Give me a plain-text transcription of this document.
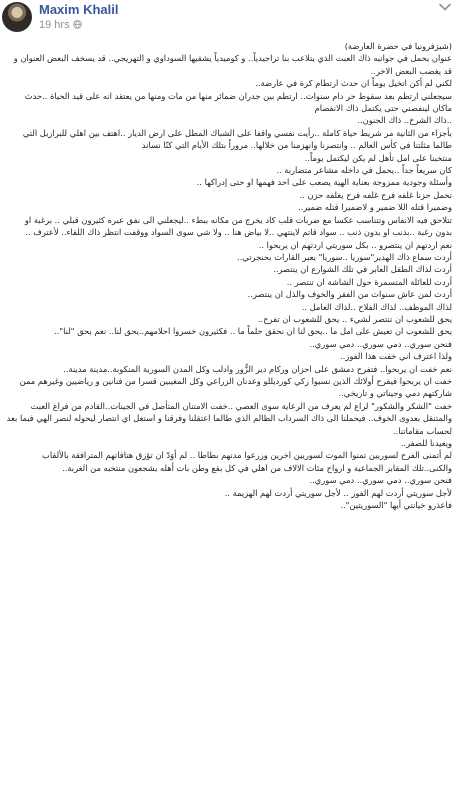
Maxim Khalil
19 hrs

(شيزفرونيا في حضرة العارضة)

عنوان يحمل في جوانبه ذاك العبث الذي يتلاعب بنا تراجيدياً.. و كوميدياً يشقيها السوداوي و التهريجي.. قد يسخف البعض العنوان و قد يغضب البعض الاخر..

لكني لم أكن اتخيل يوماً ان حدث ارتطام كرة في عارضة..

سيجعلني ارتطم بعد سقوط حر دام سنوات.. ارتطم بين جدران ضمائر منها من مات ومنها من يعتقد انه على قيد الحياة ..حدث ماكان لينفصني حتى يكتمل ذاك الانفصام

..ذاك الشرخ.. ذاك الجنون..

بأجزاء من الثانية مر شريط حياة كاملة ..رأيت نفسي واقفا على الشباك المطل على ارض الديار ..اهتف بين اهلي للبرازيل التي طالما مثلتنا في كأس العالم .. وانتصرنا وانهزمنا من خلالها.. مروراً بتلك الأيام التي كنّا نساند

منتخبنا على امل تأهل لم يكن ليكتمل يوماً..

كان سريعاً جداً ..يحمل في داخله مشاعر متضاربة ..

وأسئلة وجودية ممزوجة بعناية الهية يصعب على احد فهمها او حتى إدراكها ..

تحمل حزنا غلفه فرح غلفه فرح يغلفه حزن ..

وضميرا قتله اللا ضمير و لاضميرا قتله ضمير..

تتلاحق فيه الانفاس وتتناسب عكسا مع ضربات قلب كاد يخرج من مكانه ببطء ..ليجعلني الى نفق عبره كثيرون قبلي .. برغبة او بدون رغبة ..بذنب او بدون ذنب .. سواد قاتم لاينتهي ..لا بياض هنا .. ولا شي سوى السواد ووقفت انتظر ذاك اللقاء.. لأعترف ..

نعم اردتهم ان ينتصرو .. بكل سوريتي اردتهم ان يربحوا ..

أردت سماع ذاك الهدير"سوريا ..سوريا" يعبر القارات بحنجرتي..

أردت لذاك الطفل العابر في تلك الشوارع ان ينتصر..

أردت للعائلة المتسمرة حول الشاشة ان تنتصر ..

أردت لمن عاش سنوات من الفقر والخوف والذل ان ينتصر..

لذاك الموظف.. لذاك الفلاح ..لذاك العامل ..

يحق للشعوب ان تنتصر لشيء .. يحق للشعوب ان تفرح..

يحق للشعوب ان تعيش على امل ما ..يحق لنا ان نحقق حلماً ما .. فكثيرون خسروا احلامهم..يحق لنا.. نعم يحق "لنا"..

فنحن سوري.. دمي سوري.. دمي سوري..

ولذا اعترف اني خفت هذا الفوز..

نعم خفت ان يربحوا.. فتفرح دمشق على احزان وركام دير الزُّور وادلب وكل المدن السورية المنكوبة..مدينة مدينة..

خفت ان يربحوا فيفرح أولائك الذين نسيوا زكي كورديللو وعدنان الزراعي وكل المغيبين قسرا من فنانين و رياضيين وغيرهم ممن شاركتهم دمي وجيناتي و تاريخي..

خفت "الشكر والشكور" لراع لم يعرف من الرعاية سوى العصي ..خفت الامتنان المتأصل في الجينات..القادم من فراغ العبث والمتنقل بعدوى الخوف.. فيحملنا الى ذاك السرداب الظالم الذي طالما اعتقلنا وفرقنا و استغل اي انتصار ليحوله لنصر الهي فيما بعد لحساب مقاماتنا..

ويعيدنا للصفر..

لم أتمنى الفرح لسوريين تمنوا الموت لسوريين اخرين وزرعوا مدنهم بطاطا .. لم أوَدّ ان تؤزق هتافاتهم المترافقة بالألقاب والكنى..تلك المقابر الجماعية و ارواح مئات الالاف من اهلي في كل بقع وطن بات أهله يشجعون منتخبه من الغربة..

فنحن سوري.. دمي سوري.. دمي سوري..

لأجل سوريتي أردت لهم الفوز .. لأجل سوريتي أردت لهم الهزيمة ..

فاعذرو خيانتي أيها "السوريتين"..
